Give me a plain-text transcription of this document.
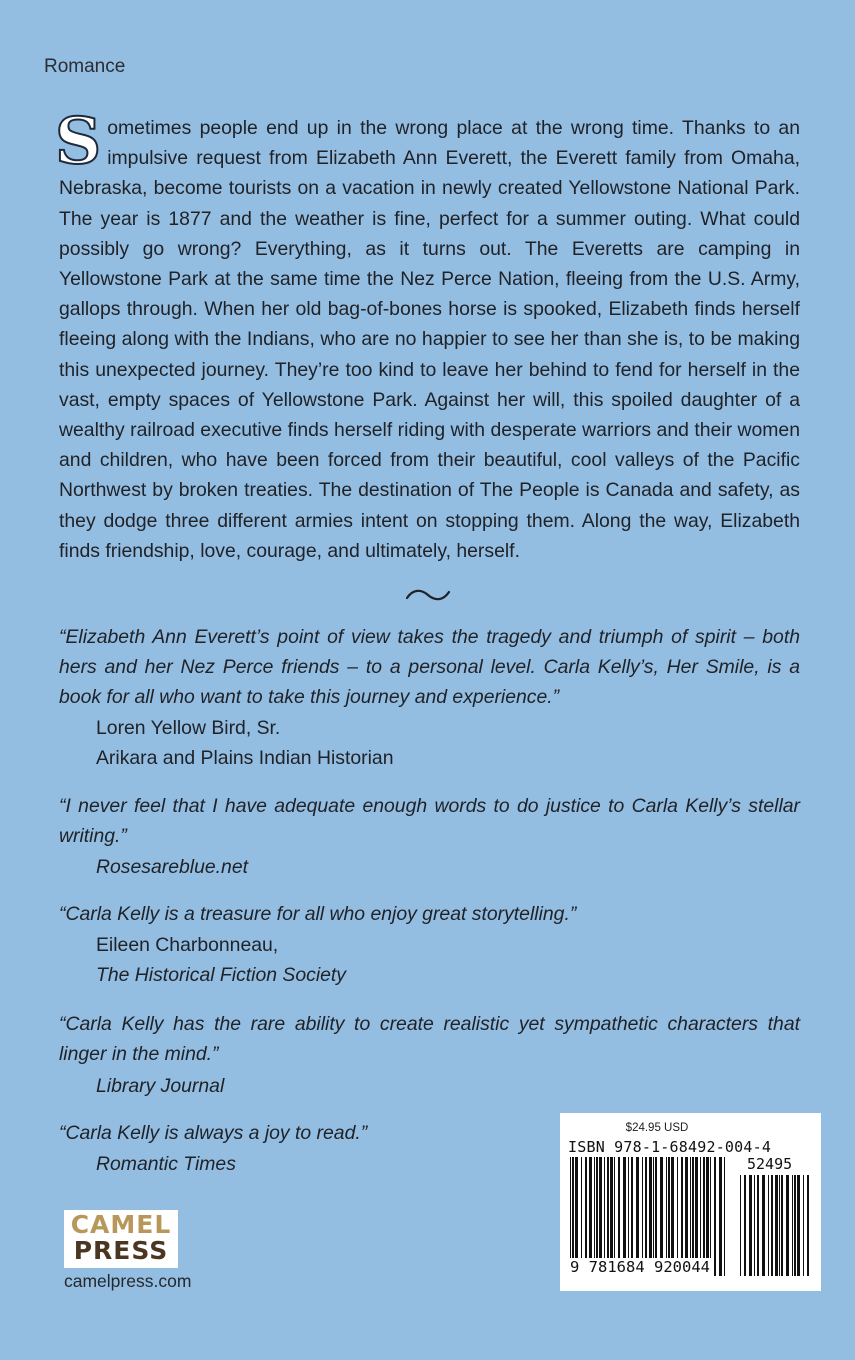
Romance

Sometimes people end up in the wrong place at the wrong time. Thanks to an impulsive request from Elizabeth Ann Everett, the Everett family from Omaha, Nebraska, become tourists on a vacation in newly created Yellowstone National Park. The year is 1877 and the weather is fine, perfect for a summer outing. What could possibly go wrong? Everything, as it turns out. The Everetts are camping in Yellowstone Park at the same time the Nez Perce Nation, fleeing from the U.S. Army, gallops through. When her old bag-of-bones horse is spooked, Elizabeth finds herself fleeing along with the Indians, who are no happier to see her than she is, to be making this unexpected journey. They’re too kind to leave her behind to fend for herself in the vast, empty spaces of Yellowstone Park. Against her will, this spoiled daughter of a wealthy railroad executive finds herself riding with desperate warriors and their women and children, who have been forced from their beautiful, cool valleys of the Pacific Northwest by broken treaties. The destination of The People is Canada and safety, as they dodge three different armies intent on stopping them. Along the way, Elizabeth finds friendship, love, courage, and ultimately, herself.

“Elizabeth Ann Everett’s point of view takes the tragedy and triumph of spirit – both hers and her Nez Perce friends – to a personal level. Carla Kelly’s, Her Smile, is a book for all who want to take this journey and experience.”

Loren Yellow Bird, Sr.
Arikara and Plains Indian Historian

“I never feel that I have adequate enough words to do justice to Carla Kelly’s stellar writing.”

Rosesareblue.net

“Carla Kelly is a treasure for all who enjoy great storytelling.”

Eileen Charbonneau,
The Historical Fiction Society

“Carla Kelly has the rare ability to create realistic yet sympathetic characters that linger in the mind.”

Library Journal

“Carla Kelly is always a joy to read.”

Romantic Times
CAMEL
PRESS
camelpress.com
$24.95 USD
ISBN 978-1-68492-004-4
52495
9 781684 920044
